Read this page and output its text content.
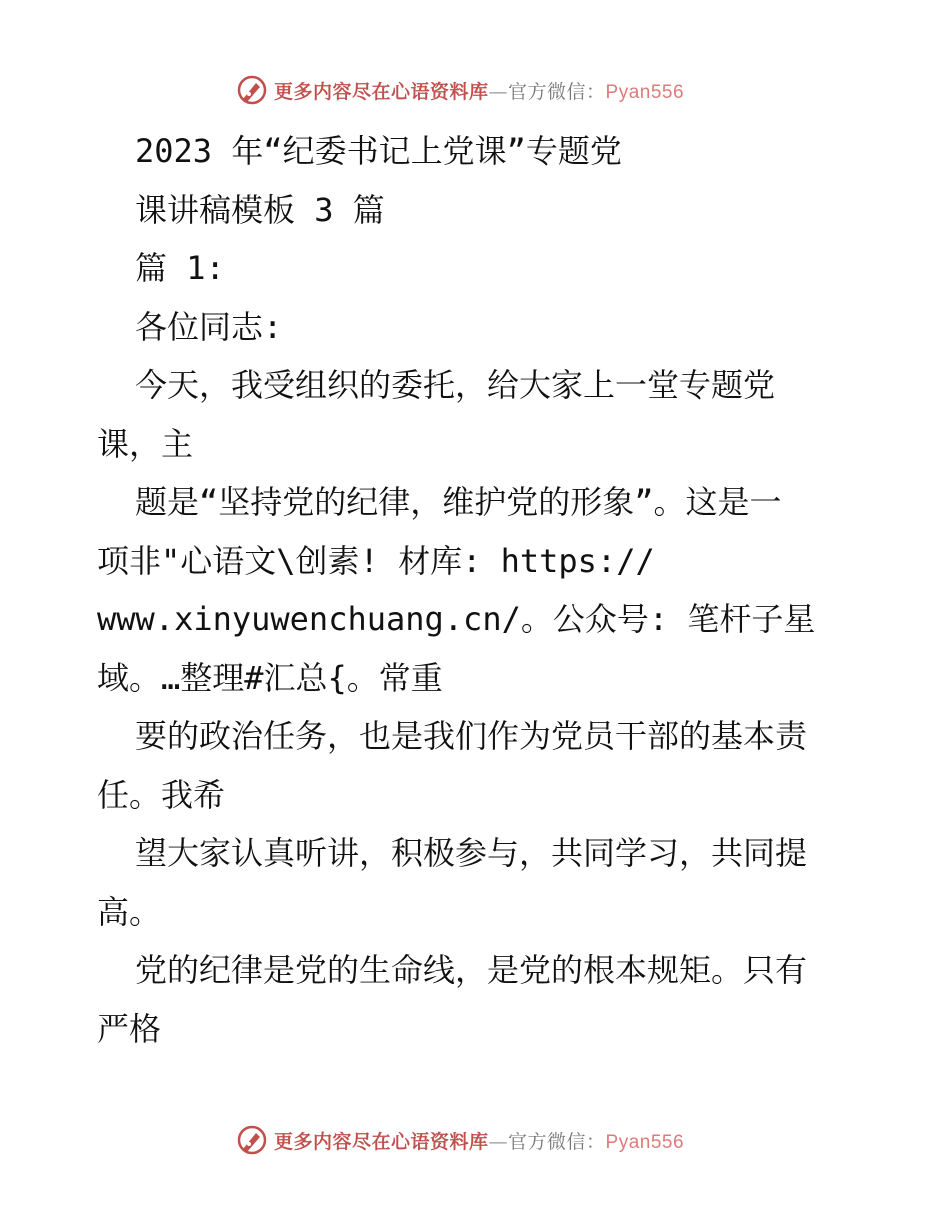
更多内容尽在心语资料库—官方微信：Pyan556
2023 年“纪委书记上党课”专题党
课讲稿模板 3 篇
篇 1:
各位同志:
今天，我受组织的委托，给大家上一堂专题党
课，主
题是“坚持党的纪律，维护党的形象”。这是一
项非"心语文\创素! 材库: https://
www.xinyuwenchuang.cn/。公众号: 笔杆子星
域。…整理#汇总{。常重
要的政治任务，也是我们作为党员干部的基本责
任。我希
望大家认真听讲，积极参与，共同学习，共同提
高。
党的纪律是党的生命线，是党的根本规矩。只有
严格
更多内容尽在心语资料库—官方微信：Pyan556
